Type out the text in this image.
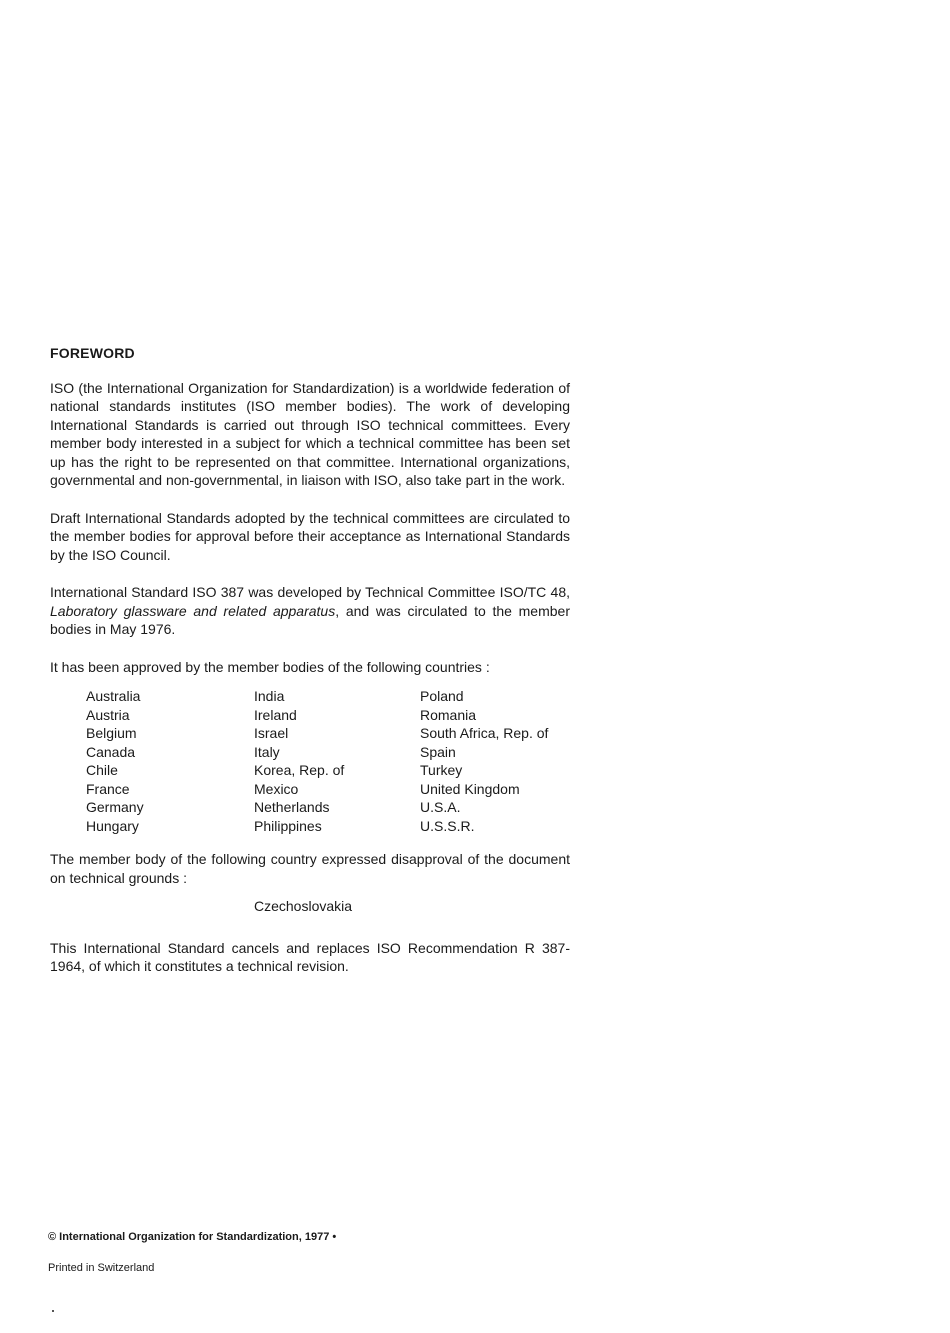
FOREWORD

ISO (the International Organization for Standardization) is a worldwide federation of national standards institutes (ISO member bodies). The work of developing International Standards is carried out through ISO technical committees. Every member body interested in a subject for which a technical committee has been set up has the right to be represented on that committee. International organizations, governmental and non-governmental, in liaison with ISO, also take part in the work.

Draft International Standards adopted by the technical committees are circulated to the member bodies for approval before their acceptance as International Standards by the ISO Council.

International Standard ISO 387 was developed by Technical Committee ISO/TC 48, Laboratory glassware and related apparatus, and was circulated to the member bodies in May 1976.

It has been approved by the member bodies of the following countries :

Australia	India	Poland
Austria	Ireland	Romania
Belgium	Israel	South Africa, Rep. of
Canada	Italy	Spain
Chile	Korea, Rep. of	Turkey
France	Mexico	United Kingdom
Germany	Netherlands	U.S.A.
Hungary	Philippines	U.S.S.R.

The member body of the following country expressed disapproval of the document on technical grounds :

Czechoslovakia

This International Standard cancels and replaces ISO Recommendation R 387-1964, of which it constitutes a technical revision.

© International Organization for Standardization, 1977 •
Printed in Switzerland
